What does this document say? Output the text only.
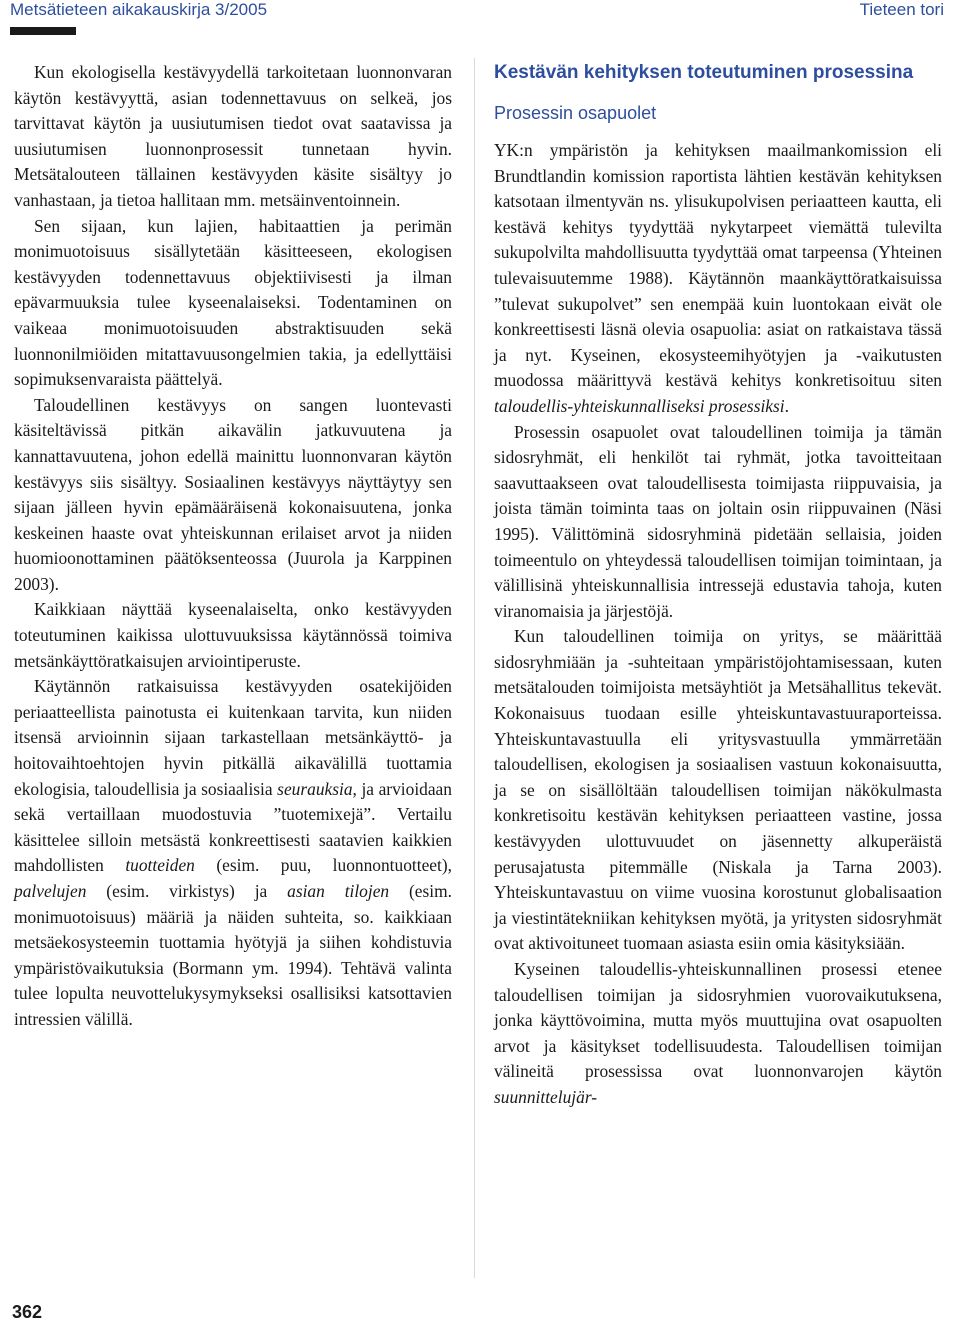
Metsätieteen aikakauskirja 3/2005	Tieteen tori

Kun ekologisella kestävyydellä tarkoitetaan luonnonvaran käytön kestävyyttä, asian todennettavuus on selkeä, jos tarvittavat käytön ja uusiutumisen tiedot ovat saatavissa ja uusiutumisen luonnonprosessit tunnetaan hyvin. Metsätalouteen tällainen kestävyyden käsite sisältyy jo vanhastaan, ja tietoa hallitaan mm. metsäinventoinnein.

Sen sijaan, kun lajien, habitaattien ja perimän monimuotoisuus sisällytetään käsitteeseen, ekologisen kestävyyden todennettavuus objektiivisesti ja ilman epävarmuuksia tulee kyseenalaiseksi. Todentaminen on vaikeaa monimuotoisuuden abstraktisuuden sekä luonnonilmiöiden mitattavuusongelmien takia, ja edellyttäisi sopimuksenvaraista päättelyä.

Taloudellinen kestävyys on sangen luontevasti käsiteltävissä pitkän aikavälin jatkuvuutena ja kannattavuutena, johon edellä mainittu luonnonvaran käytön kestävyys siis sisältyy. Sosiaalinen kestävyys näyttäytyy sen sijaan jälleen hyvin epämääräisenä kokonaisuutena, jonka keskeinen haaste ovat yhteiskunnan erilaiset arvot ja niiden huomioonottaminen päätöksenteossa (Juurola ja Karppinen 2003).

Kaikkiaan näyttää kyseenalaiselta, onko kestävyyden toteutuminen kaikissa ulottuvuuksissa käytännössä toimiva metsänkäyttöratkaisujen arviointiperuste.

Käytännön ratkaisuissa kestävyyden osatekijöiden periaatteellista painotusta ei kuitenkaan tarvita, kun niiden itsensä arvioinnin sijaan tarkastellaan metsänkäyttö- ja hoitovaihtoehtojen hyvin pitkällä aikavälillä tuottamia ekologisia, taloudellisia ja sosiaalisia seurauksia, ja arvioidaan sekä vertaillaan muodostuvia ”tuotemixejä”. Vertailu käsittelee silloin metsästä konkreettisesti saatavien kaikkien mahdollisten tuotteiden (esim. puu, luonnontuotteet), palvelujen (esim. virkistys) ja asian tilojen (esim. monimuotoisuus) määriä ja näiden suhteita, so. kaikkiaan metsäekosysteemin tuottamia hyötyjä ja siihen kohdistuvia ympäristövaikutuksia (Bormann ym. 1994). Tehtävä valinta tulee lopulta neuvottelukysymykseksi osallisiksi katsottavien intressien välillä.

Kestävän kehityksen toteutuminen prosessina
Prosessin osapuolet

YK:n ympäristön ja kehityksen maailmankomission eli Brundtlandin komission raportista lähtien kestävän kehityksen katsotaan ilmentyvän ns. ylisukupolvisen periaatteen kautta, eli kestävä kehitys tyydyttää nykytarpeet viemättä tulevilta sukupolvilta mahdollisuutta tyydyttää omat tarpeensa (Yhteinen tulevaisuutemme 1988). Käytännön maankäyttöratkaisuissa ”tulevat sukupolvet” sen enempää kuin luontokaan eivät ole konkreettisesti läsnä olevia osapuolia: asiat on ratkaistava tässä ja nyt. Kyseinen, ekosysteemihyötyjen ja -vaikutusten muodossa määrittyvä kestävä kehitys konkretisoituu siten taloudellis-yhteiskunnalliseksi prosessiksi.

Prosessin osapuolet ovat taloudellinen toimija ja tämän sidosryhmät, eli henkilöt tai ryhmät, jotka tavoitteitaan saavuttaakseen ovat taloudellisesta toimijasta riippuvaisia, ja joista tämän toiminta taas on joltain osin riippuvainen (Näsi 1995). Välittöminä sidosryhminä pidetään sellaisia, joiden toimeentulo on yhteydessä taloudellisen toimijan toimintaan, ja välillisinä yhteiskunnallisia intressejä edustavia tahoja, kuten viranomaisia ja järjestöjä.

Kun taloudellinen toimija on yritys, se määrittää sidosryhmiään ja -suhteitaan ympäristöjohtamisessaan, kuten metsätalouden toimijoista metsäyhtiöt ja Metsähallitus tekevät. Kokonaisuus tuodaan esille yhteiskuntavastuuraporteissa. Yhteiskuntavastuulla eli yritysvastuulla ymmärretään taloudellisen, ekologisen ja sosiaalisen vastuun kokonaisuutta, ja se on sisällöltään taloudellisen toimijan näkökulmasta konkretisoitu kestävän kehityksen periaatteen vastine, jossa kestävyyden ulottuvuudet on jäsennetty alkuperäistä perusajatusta pitemmälle (Niskala ja Tarna 2003). Yhteiskuntavastuu on viime vuosina korostunut globalisaation ja viestintätekniikan kehityksen myötä, ja yritysten sidosryhmät ovat aktivoituneet tuomaan asiasta esiin omia käsityksiään.

Kyseinen taloudellis-yhteiskunnallinen prosessi etenee taloudellisen toimijan ja sidosryhmien vuorovaikutuksena, jonka käyttövoimina, mutta myös muuttujina ovat osapuolten arvot ja käsitykset todellisuudesta. Taloudellisen toimijan välineitä prosessissa ovat luonnonvarojen käytön suunnittelujär-

362
